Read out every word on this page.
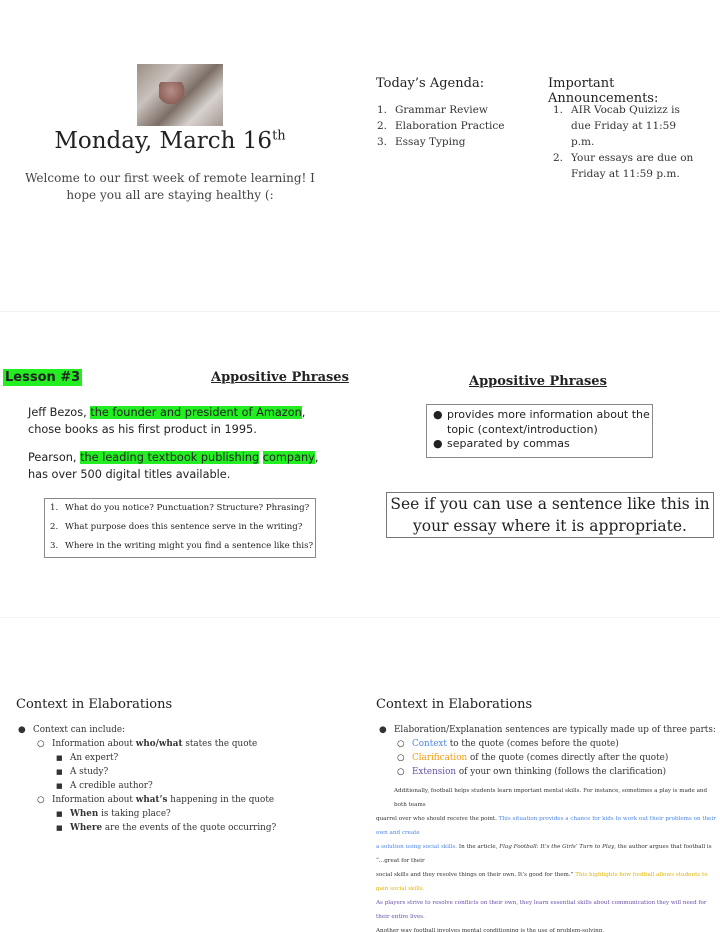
Monday, March 16th
Welcome to our first week of remote learning! I hope you all are staying healthy (:
Today’s Agenda:
1. Grammar Review
2. Elaboration Practice
3. Essay Typing
Important Announcements:
1. AIR Vocab Quizizz is due Friday at 11:59 p.m.
2. Your essays are due on Friday at 11:59 p.m.
Lesson #3	Appositive Phrases	Appositive Phrases
Jeff Bezos, the founder and president of Amazon,
chose books as his first product in 1995.
Pearson, the leading textbook publishing company,
has over 500 digital titles available.
1. What do you notice? Punctuation? Structure? Phrasing?
2. What purpose does this sentence serve in the writing?
3. Where in the writing might you find a sentence like this?
● provides more information about the topic (context/introduction)
● separated by commas
See if you can use a sentence like this in your essay where it is appropriate.
Context in Elaborations
● Context can include:
○ Information about who/what states the quote
■ An expert?
■ A study?
■ A credible author?
○ Information about what’s happening in the quote
■ When is taking place?
■ Where are the events of the quote occurring?
Context in Elaborations
● Elaboration/Explanation sentences are typically made up of three parts:
○ Context to the quote (comes before the quote)
○ Clarification of the quote (comes directly after the quote)
○ Extension of your own thinking (follows the clarification)
Additionally, football helps students learn important mental skills. For instance, sometimes a play is made and both teams
quarrel over who should receive the point. This situation provides a chance for kids to work out their problems on their own and create
a solution using social skills. In the article, Flag Football: It’s the Girls’ Turn to Play, the author argues that football is “...great for their
social skills and they resolve things on their own. It’s good for them.” This highlights how football allows students to gain social skills.
As players strive to resolve conflicts on their own, they learn essential skills about communication they will need for their entire lives.
Another way football involves mental conditioning is the use of problem-solving.
